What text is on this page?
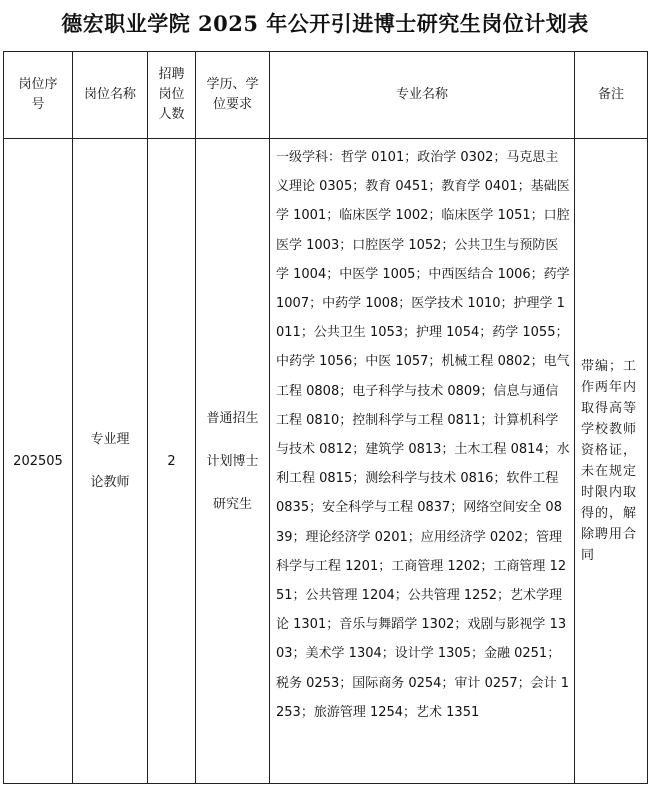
德宏职业学院 2025 年公开引进博士研究生岗位计划表
岗位序号	岗位名称	招聘岗位人数	学历、学位要求	专业名称	备注
202505	专业理论教师	2	普通招生计划博士研究生	一级学科：哲学 0101；政治学 0302；马克思主义理论 0305；教育 0451；教育学 0401；基础医学 1001；临床医学 1002；临床医学 1051；口腔医学 1003；口腔医学 1052；公共卫生与预防医学 1004；中医学 1005；中西医结合 1006；药学 1007；中药学 1008；医学技术 1010；护理学 1011；公共卫生 1053；护理 1054；药学 1055；中药学 1056；中医 1057；机械工程 0802；电气工程 0808；电子科学与技术 0809；信息与通信工程 0810；控制科学与工程 0811；计算机科学与技术 0812；建筑学 0813；土木工程 0814；水利工程 0815；测绘科学与技术 0816；软件工程 0835；安全科学与工程 0837；网络空间安全 0839；理论经济学 0201；应用经济学 0202；管理科学与工程 1201；工商管理 1202；工商管理 1251；公共管理 1204；公共管理 1252；艺术学理论 1301；音乐与舞蹈学 1302；戏剧与影视学 1303；美术学 1304；设计学 1305；金融 0251；税务 0253；国际商务 0254；审计 0257；会计 1253；旅游管理 1254；艺术 1351	带编；工作两年内取得高等学校教师资格证，未在规定时限内取得的，解除聘用合同
